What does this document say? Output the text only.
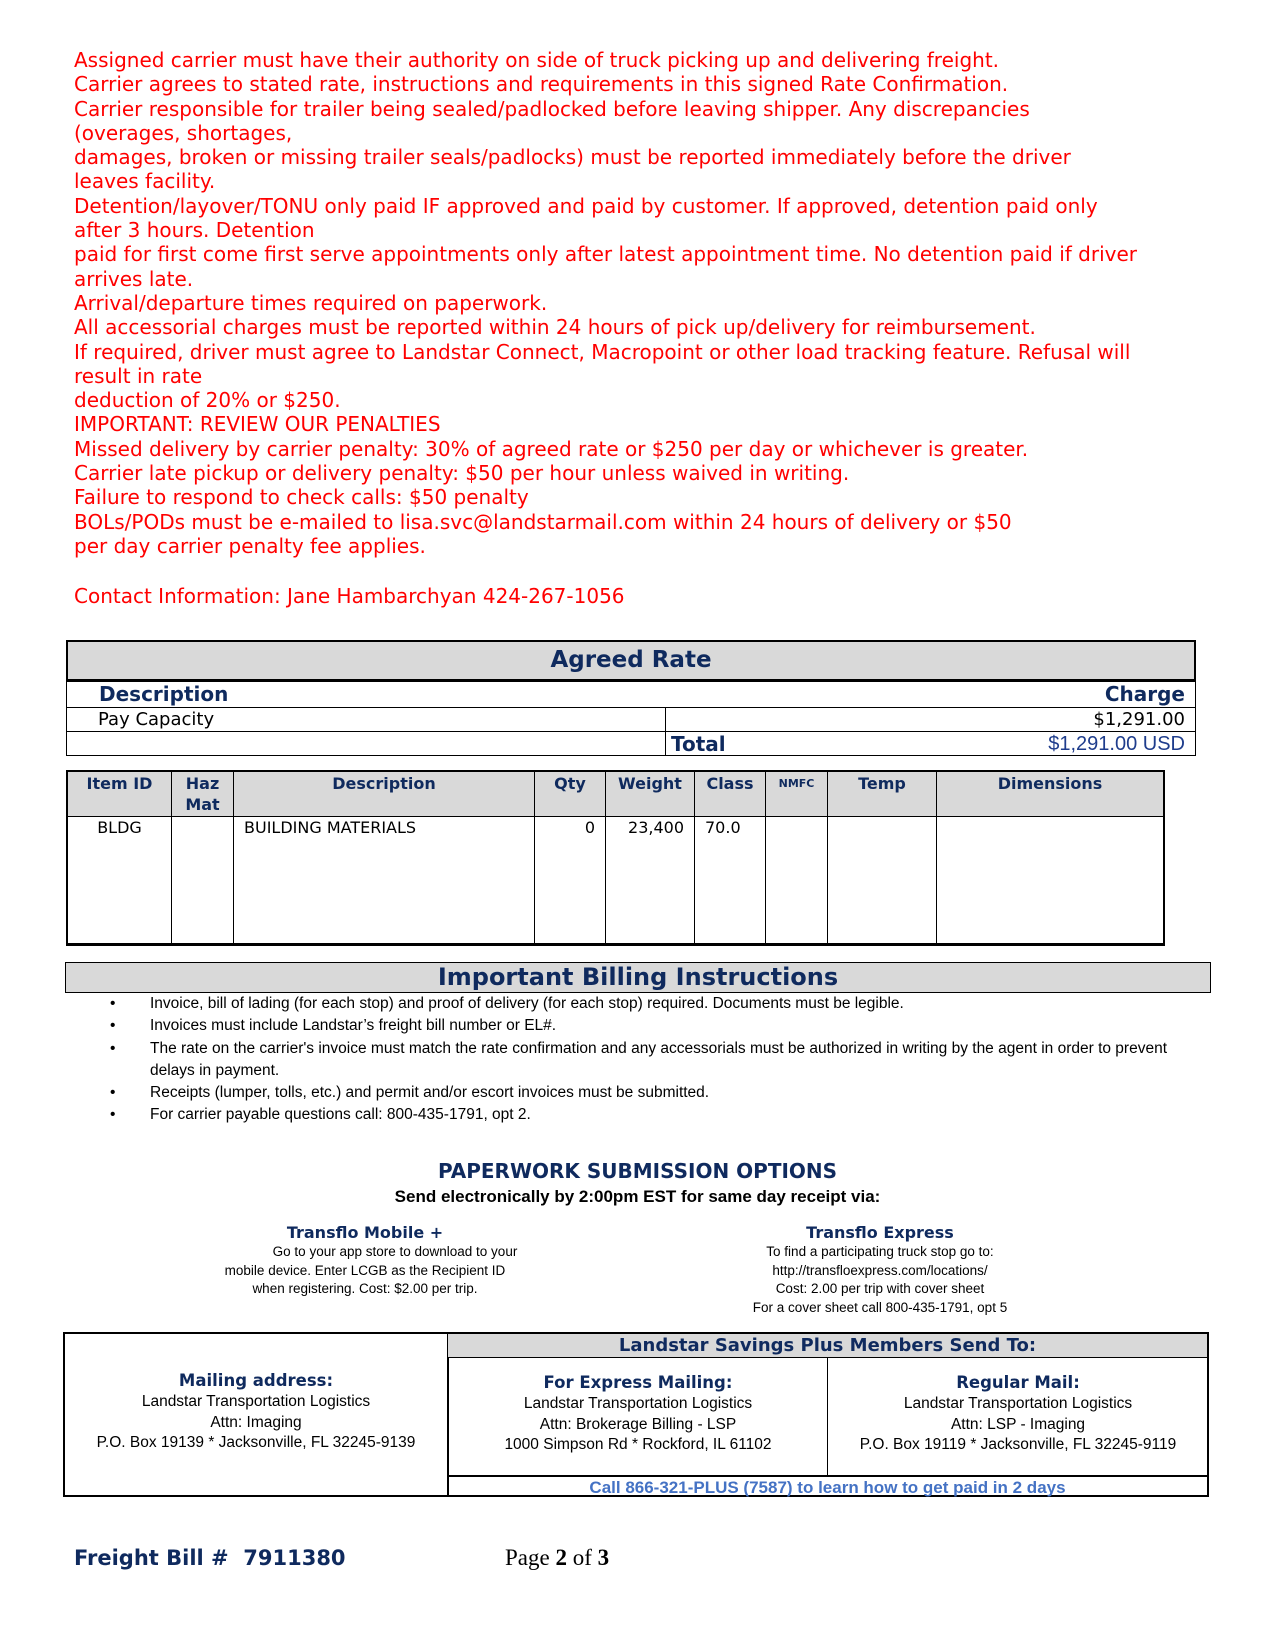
Assigned carrier must have their authority on side of truck picking up and delivering freight.
Carrier agrees to stated rate, instructions and requirements in this signed Rate Confirmation.
Carrier responsible for trailer being sealed/padlocked before leaving shipper. Any discrepancies
(overages, shortages,
damages, broken or missing trailer seals/padlocks) must be reported immediately before the driver
leaves facility.
Detention/layover/TONU only paid IF approved and paid by customer. If approved, detention paid only
after 3 hours. Detention
paid for first come first serve appointments only after latest appointment time. No detention paid if driver
arrives late.
Arrival/departure times required on paperwork.
All accessorial charges must be reported within 24 hours of pick up/delivery for reimbursement.
If required, driver must agree to Landstar Connect, Macropoint or other load tracking feature. Refusal will
result in rate
deduction of 20% or $250.
IMPORTANT: REVIEW OUR PENALTIES
Missed delivery by carrier penalty: 30% of agreed rate or $250 per day or whichever is greater.
Carrier late pickup or delivery penalty: $50 per hour unless waived in writing.
Failure to respond to check calls: $50 penalty
BOLs/PODs must be e-mailed to lisa.svc@landstarmail.com within 24 hours of delivery or $50
per day carrier penalty fee applies.
Contact Information: Jane Hambarchyan 424-267-1056
Agreed Rate
Description	Charge
Pay Capacity	$1,291.00
Total	$1,291.00 USD
Item ID	Haz Mat	Description	Qty	Weight	Class	NMFC	Temp	Dimensions
BLDG		BUILDING MATERIALS	0	23,400	70.0			
Important Billing Instructions
• Invoice, bill of lading (for each stop) and proof of delivery (for each stop) required. Documents must be legible.
• Invoices must include Landstar’s freight bill number or EL#.
• The rate on the carrier's invoice must match the rate confirmation and any accessorials must be authorized in writing by the agent in order to prevent delays in payment.
• Receipts (lumper, tolls, etc.) and permit and/or escort invoices must be submitted.
• For carrier payable questions call: 800-435-1791, opt 2.
PAPERWORK SUBMISSION OPTIONS
Send electronically by 2:00pm EST for same day receipt via:
Transflo Mobile +
Go to your app store to download to your
mobile device. Enter LCGB as the Recipient ID
when registering. Cost: $2.00 per trip.
Transflo Express
To find a participating truck stop go to:
http://transfloexpress.com/locations/
Cost: 2.00 per trip with cover sheet
For a cover sheet call 800-435-1791, opt 5
Landstar Savings Plus Members Send To:
Mailing address:
Landstar Transportation Logistics
Attn: Imaging
P.O. Box 19139 * Jacksonville, FL 32245-9139
For Express Mailing:
Landstar Transportation Logistics
Attn: Brokerage Billing - LSP
1000 Simpson Rd * Rockford, IL 61102
Regular Mail:
Landstar Transportation Logistics
Attn: LSP - Imaging
P.O. Box 19119 * Jacksonville, FL 32245-9119
Call 866-321-PLUS (7587) to learn how to get paid in 2 days
Freight Bill # 7911380	Page 2 of 3
